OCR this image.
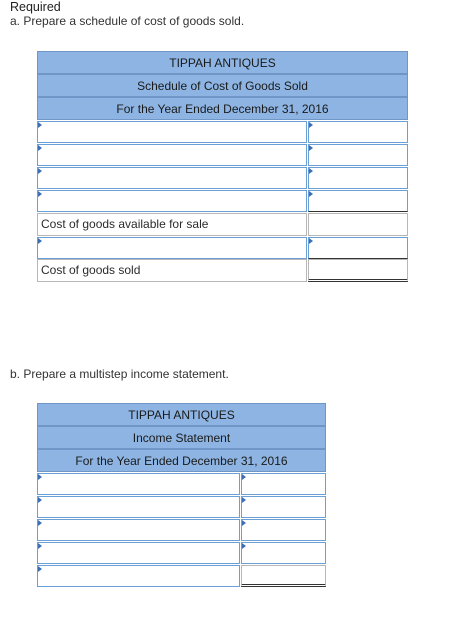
Required
a. Prepare a schedule of cost of goods sold.
TIPPAH ANTIQUES
Schedule of Cost of Goods Sold
For the Year Ended December 31, 2016
Cost of goods available for sale
Cost of goods sold
b. Prepare a multistep income statement.
TIPPAH ANTIQUES
Income Statement
For the Year Ended December 31, 2016
